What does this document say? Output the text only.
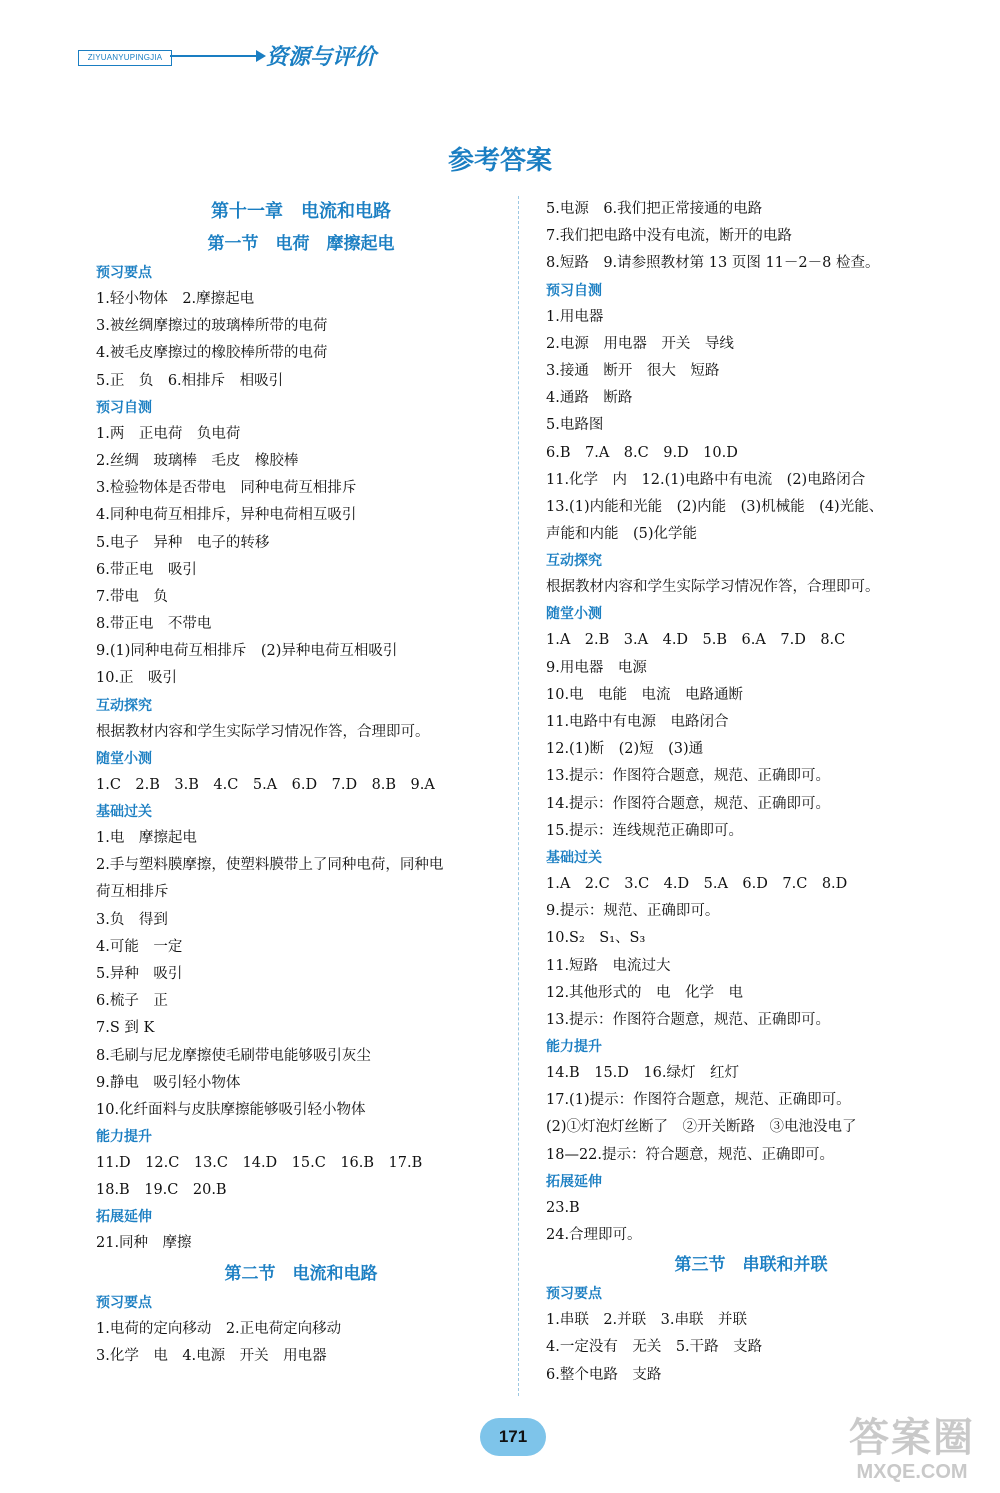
ZIYUANYUPINGJIA	资源与评价
参考答案
第十一章　电流和电路
第一节　电荷　摩擦起电
预习要点
1.轻小物体　2.摩擦起电
3.被丝绸摩擦过的玻璃棒所带的电荷
4.被毛皮摩擦过的橡胶棒所带的电荷
5.正　负　6.相排斥　相吸引
预习自测
1.两　正电荷　负电荷
2.丝绸　玻璃棒　毛皮　橡胶棒
3.检验物体是否带电　同种电荷互相排斥
4.同种电荷互相排斥，异种电荷相互吸引
5.电子　异种　电子的转移
6.带正电　吸引
7.带电　负
8.带正电　不带电
9.(1)同种电荷互相排斥　(2)异种电荷互相吸引
10.正　吸引
互动探究
根据教材内容和学生实际学习情况作答，合理即可。
随堂小测
1.C　2.B　3.B　4.C　5.A　6.D　7.D　8.B　9.A
基础过关
1.电　摩擦起电
2.手与塑料膜摩擦，使塑料膜带上了同种电荷，同种电
荷互相排斥
3.负　得到
4.可能　一定
5.异种　吸引
6.梳子　正
7.S 到 K
8.毛刷与尼龙摩擦使毛刷带电能够吸引灰尘
9.静电　吸引轻小物体
10.化纤面料与皮肤摩擦能够吸引轻小物体
能力提升
11.D　12.C　13.C　14.D　15.C　16.B　17.B
18.B　19.C　20.B
拓展延伸
21.同种　摩擦
第二节　电流和电路
预习要点
1.电荷的定向移动　2.正电荷定向移动
3.化学　电　4.电源　开关　用电器
5.电源　6.我们把正常接通的电路
7.我们把电路中没有电流，断开的电路
8.短路　9.请参照教材第 13 页图 11－2－8 检查。
预习自测
1.用电器
2.电源　用电器　开关　导线
3.接通　断开　很大　短路
4.通路　断路
5.电路图
6.B　7.A　8.C　9.D　10.D
11.化学　内　12.(1)电路中有电流　(2)电路闭合
13.(1)内能和光能　(2)内能　(3)机械能　(4)光能、
声能和内能　(5)化学能
互动探究
根据教材内容和学生实际学习情况作答，合理即可。
随堂小测
1.A　2.B　3.A　4.D　5.B　6.A　7.D　8.C
9.用电器　电源
10.电　电能　电流　电路通断
11.电路中有电源　电路闭合
12.(1)断　(2)短　(3)通
13.提示：作图符合题意，规范、正确即可。
14.提示：作图符合题意，规范、正确即可。
15.提示：连线规范正确即可。
基础过关
1.A　2.C　3.C　4.D　5.A　6.D　7.C　8.D
9.提示：规范、正确即可。
10.S₂　S₁、S₃
11.短路　电流过大
12.其他形式的　电　化学　电
13.提示：作图符合题意，规范、正确即可。
能力提升
14.B　15.D　16.绿灯　红灯
17.(1)提示：作图符合题意，规范、正确即可。
(2)①灯泡灯丝断了　②开关断路　③电池没电了
18—22.提示：符合题意，规范、正确即可。
拓展延伸
23.B
24.合理即可。
第三节　串联和并联
预习要点
1.串联　2.并联　3.串联　并联
4.一定没有　无关　5.干路　支路
6.整个电路　支路
171	答案圈
MXQE.COM
